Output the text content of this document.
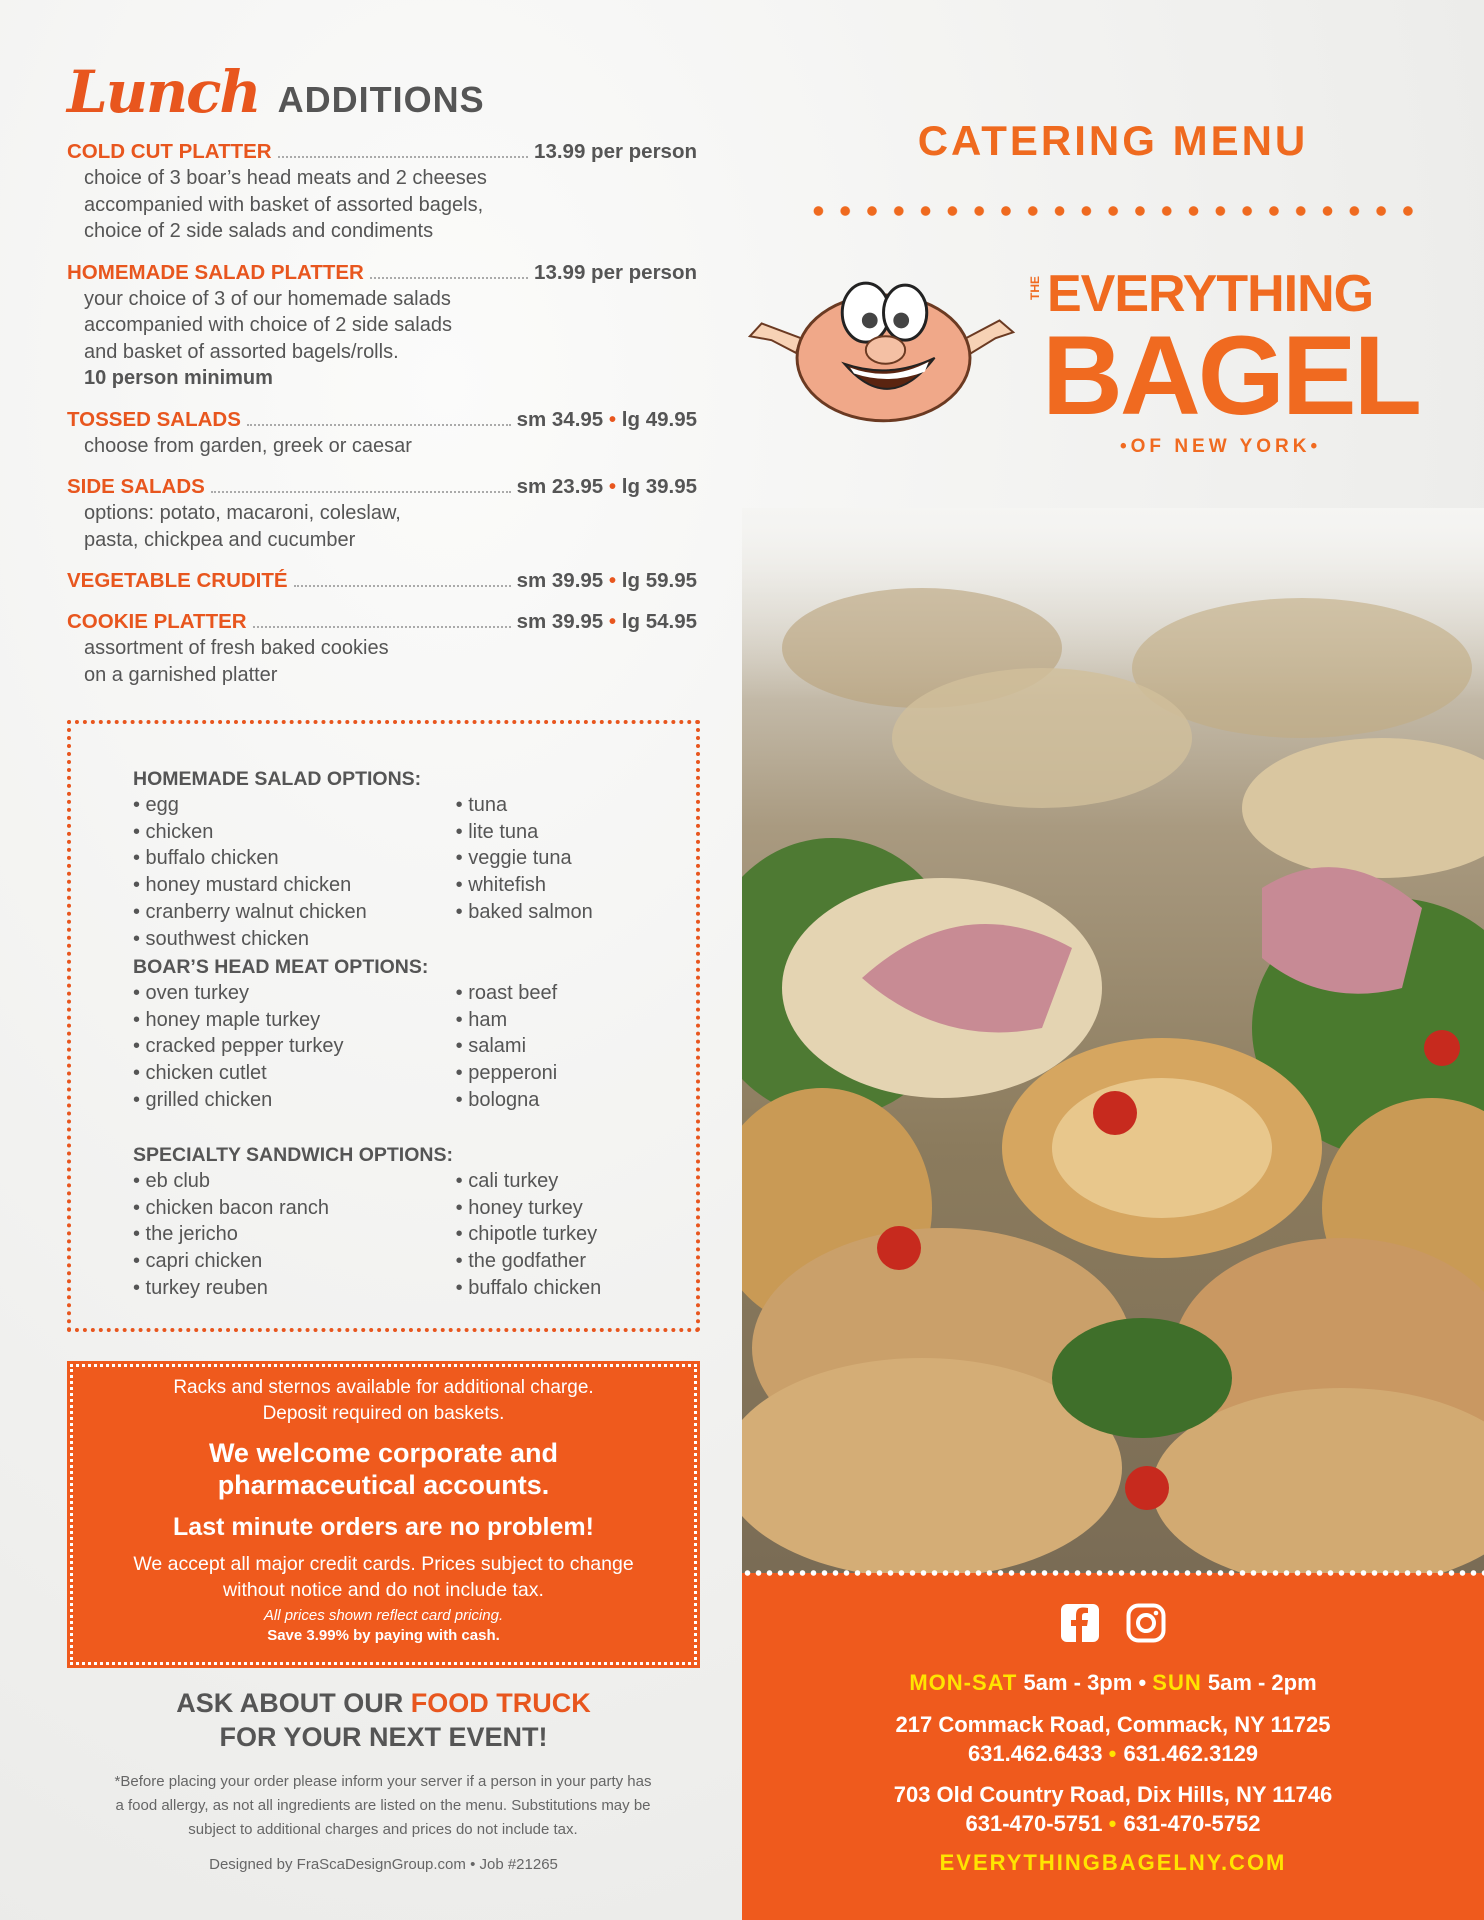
Lunch ADDITIONS
COLD CUT PLATTER	13.99 per person
choice of 3 boar’s head meats and 2 cheeses
accompanied with basket of assorted bagels,
choice of 2 side salads and condiments
HOMEMADE SALAD PLATTER	13.99 per person
your choice of 3 of our homemade salads
accompanied with choice of 2 side salads
and basket of assorted bagels/rolls.
10 person minimum
TOSSED SALADS	sm 34.95 • lg 49.95
choose from garden, greek or caesar
SIDE SALADS	sm 23.95 • lg 39.95
options: potato, macaroni, coleslaw,
pasta, chickpea and cucumber
VEGETABLE CRUDITÉ	sm 39.95 • lg 59.95
COOKIE PLATTER	sm 39.95 • lg 54.95
assortment of fresh baked cookies
on a garnished platter
HOMEMADE SALAD OPTIONS:
• egg
• chicken
• buffalo chicken
• honey mustard chicken
• cranberry walnut chicken
• southwest chicken
• tuna
• lite tuna
• veggie tuna
• whitefish
• baked salmon
BOAR’S HEAD MEAT OPTIONS:
• oven turkey
• honey maple turkey
• cracked pepper turkey
• chicken cutlet
• grilled chicken
• roast beef
• ham
• salami
• pepperoni
• bologna
SPECIALTY SANDWICH OPTIONS:
• eb club
• chicken bacon ranch
• the jericho
• capri chicken
• turkey reuben
• cali turkey
• honey turkey
• chipotle turkey
• the godfather
• buffalo chicken
Racks and sternos available for additional charge.
Deposit required on baskets.
We welcome corporate and
pharmaceutical accounts.
Last minute orders are no problem!
We accept all major credit cards. Prices subject to change
without notice and do not include tax.
All prices shown reflect card pricing.
Save 3.99% by paying with cash.
ASK ABOUT OUR FOOD TRUCK
FOR YOUR NEXT EVENT!
*Before placing your order please inform your server if a person in your party has
a food allergy, as not all ingredients are listed on the menu. Substitutions may be
subject to additional charges and prices do not include tax.
Designed by FraScaDesignGroup.com • Job #21265
CATERING MENU
THE EVERYTHING
BAGEL
•OF NEW YORK•
MON-SAT 5am - 3pm • SUN 5am - 2pm
217 Commack Road, Commack, NY 11725
631.462.6433 • 631.462.3129
703 Old Country Road, Dix Hills, NY 11746
631-470-5751 • 631-470-5752
EVERYTHINGBAGELNY.COM
